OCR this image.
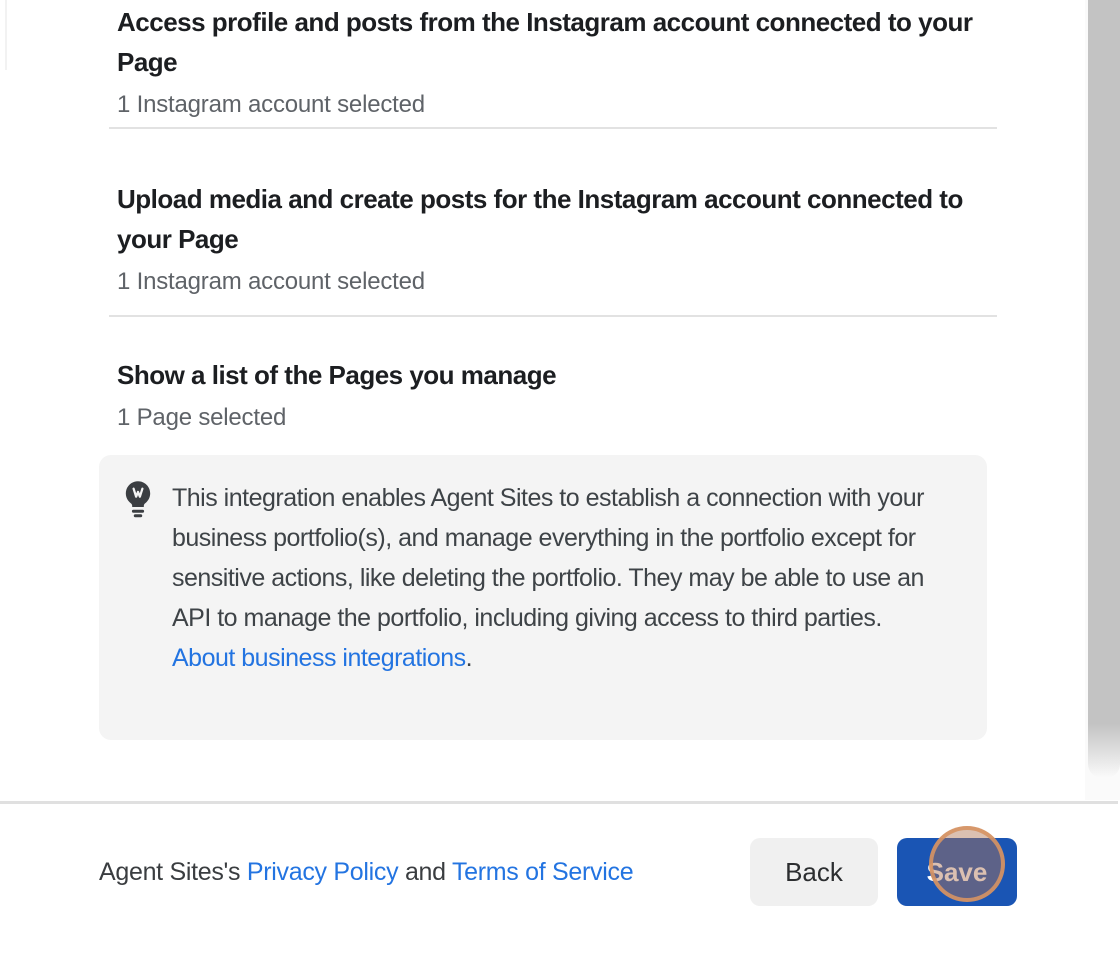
Access profile and posts from the Instagram account connected to your Page
1 Instagram account selected
Upload media and create posts for the Instagram account connected to your Page
1 Instagram account selected
Show a list of the Pages you manage
1 Page selected
This integration enables Agent Sites to establish a connection with your business portfolio(s), and manage everything in the portfolio except for sensitive actions, like deleting the portfolio. They may be able to use an API to manage the portfolio, including giving access to third parties. About business integrations.
Agent Sites's Privacy Policy and Terms of Service	Back	Save
